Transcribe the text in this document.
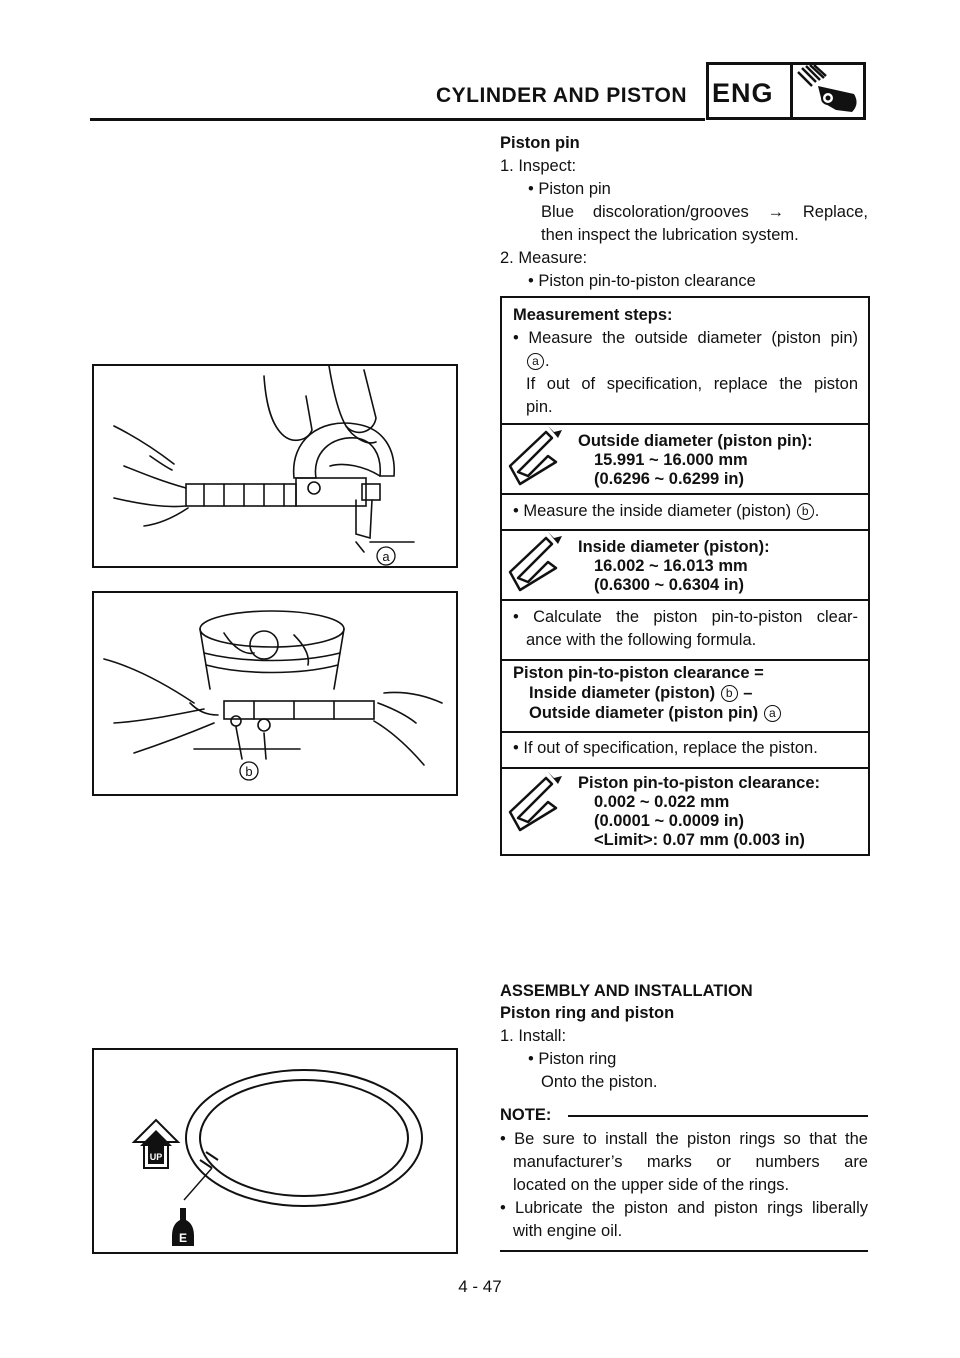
CYLINDER AND PISTON ENG
Piston pin
1. Inspect:
• Piston pin
Blue discoloration/grooves → Replace,
then inspect the lubrication system.
2. Measure:
• Piston pin-to-piston clearance
Measurement steps:
• Measure the outside diameter (piston pin)
a .
If out of specification, replace the piston
pin.
Outside diameter (piston pin):
15.991 ~ 16.000 mm
(0.6296 ~ 0.6299 in)
• Measure the inside diameter (piston) b .
Inside diameter (piston):
16.002 ~ 16.013 mm
(0.6300 ~ 0.6304 in)
• Calculate the piston pin-to-piston clear-
ance with the following formula.
Piston pin-to-piston clearance =
Inside diameter (piston) b –
Outside diameter (piston pin) a
• If out of specification, replace the piston.
Piston pin-to-piston clearance:
0.002 ~ 0.022 mm
(0.0001 ~ 0.0009 in)
<Limit>: 0.07 mm (0.003 in)
a
b
UP
E
ASSEMBLY AND INSTALLATION
Piston ring and piston
1. Install:
• Piston ring
Onto the piston.
NOTE:
• Be sure to install the piston rings so that the
manufacturer’s marks or numbers are
located on the upper side of the rings.
• Lubricate the piston and piston rings liberally
with engine oil.
4 - 47
